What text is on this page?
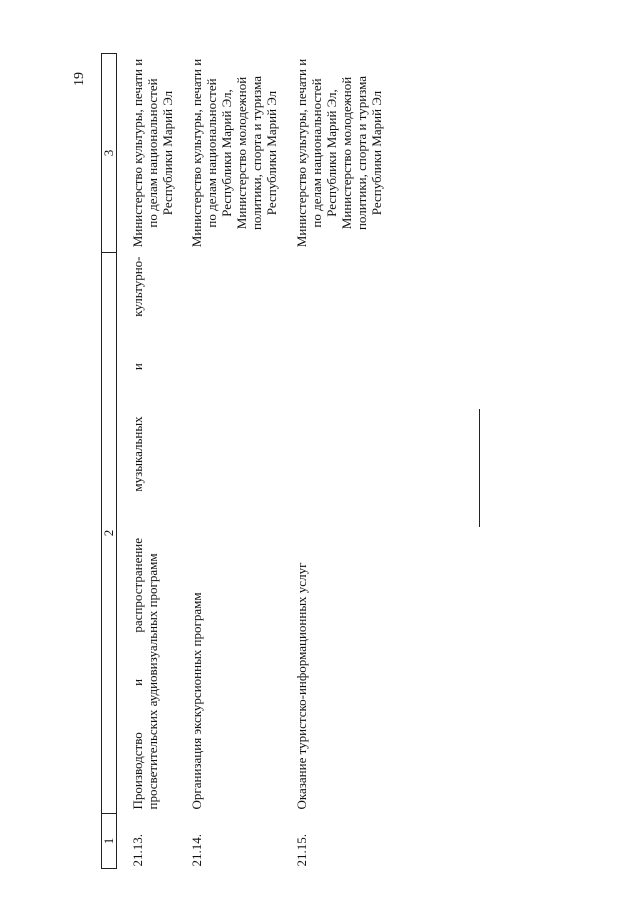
19
1	2	3
21.13.	Производство и распространение музыкальных и культурно- просветительских аудиовизуальных программ	Министерство культуры, печати и по делам национальностей Республики Марий Эл
21.14.	Организация экскурсионных программ	Министерство культуры, печати и по делам национальностей Республики Марий Эл, Министерство молодежной политики, спорта и туризма Республики Марий Эл
21.15.	Оказание туристско-информационных услуг	Министерство культуры, печати и по делам национальностей Республики Марий Эл, Министерство молодежной политики, спорта и туризма Республики Марий Эл
